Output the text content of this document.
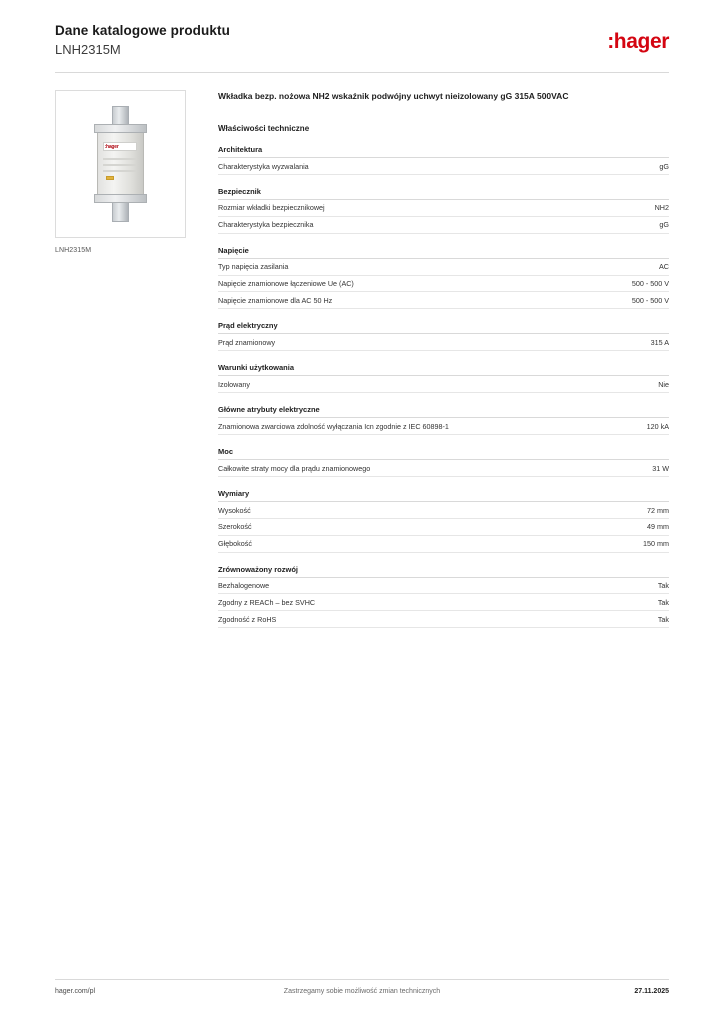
Dane katalogowe produktu
LNH2315M	:hager
:hager
LNH2315M
Wkładka bezp. nożowa NH2 wskaźnik podwójny uchwyt nieizolowany gG 315A 500VAC
Właściwości techniczne
Architektura
Charakterystyka wyzwalania	gG
Bezpiecznik
Rozmiar wkładki bezpiecznikowej	NH2
Charakterystyka bezpiecznika	gG
Napięcie
Typ napięcia zasilania	AC
Napięcie znamionowe łączeniowe Ue (AC)	500 - 500 V
Napięcie znamionowe dla AC 50 Hz	500 - 500 V
Prąd elektryczny
Prąd znamionowy	315 A
Warunki użytkowania
Izolowany	Nie
Główne atrybuty elektryczne
Znamionowa zwarciowa zdolność wyłączania Icn zgodnie z IEC 60898-1	120 kA
Moc
Całkowite straty mocy dla prądu znamionowego	31 W
Wymiary
Wysokość	72 mm
Szerokość	49 mm
Głębokość	150 mm
Zrównoważony rozwój
Bezhalogenowe	Tak
Zgodny z REACh – bez SVHC	Tak
Zgodność z RoHS	Tak
hager.com/pl	Zastrzegamy sobie możliwość zmian technicznych	27.11.2025
